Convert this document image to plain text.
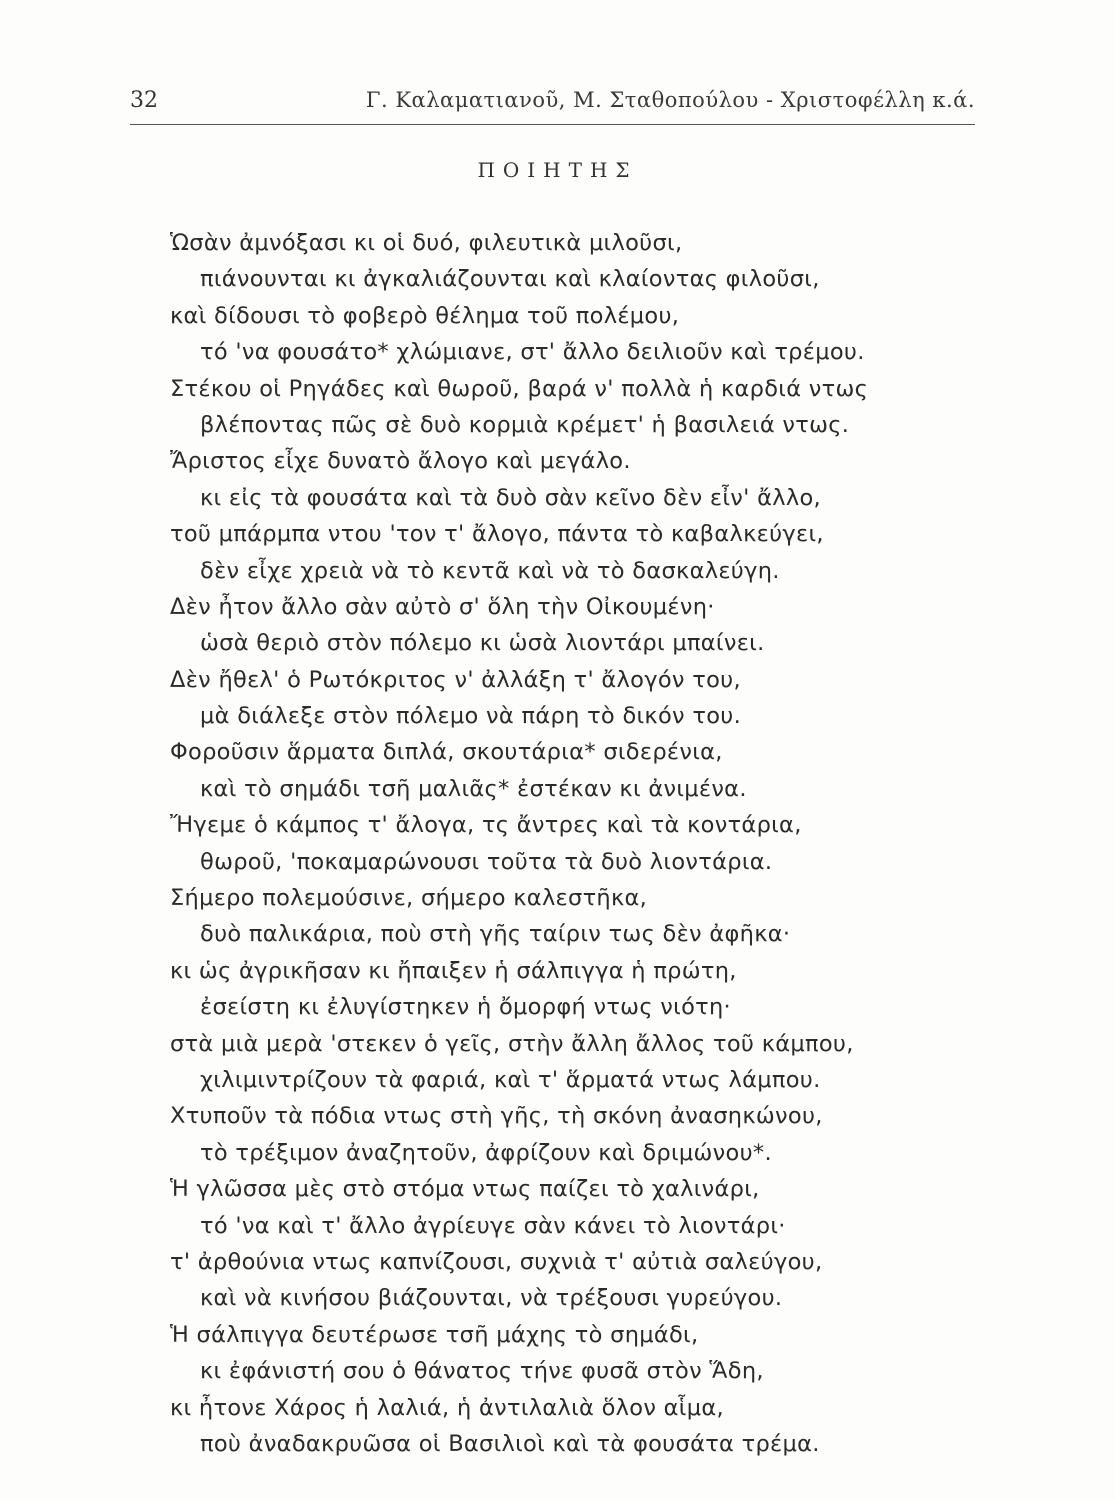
32	Γ. Καλαματιανοῦ, Μ. Σταθοπούλου - Χριστοφέλλη κ.ά.
ΠΟΙΗΤΗΣ
Ὡσὰν ἀμνόξασι κι οἱ δυό, φιλευτικὰ μιλοῦσι,
πιάνουνται κι ἀγκαλιάζουνται καὶ κλαίοντας φιλοῦσι,
καὶ δίδουσι τὸ φοβερὸ θέλημα τοῦ πολέμου,
τό 'να φουσάτο* χλώμιανε, στ' ἄλλο δειλιοῦν καὶ τρέμου.
Στέκου οἱ Ρηγάδες καὶ θωροῦ, βαρά ν' πολλὰ ἡ καρδιά ντως
βλέποντας πῶς σὲ δυὸ κορμιὰ κρέμετ' ἡ βασιλειά ντως.
Ἄριστος εἶχε δυνατὸ ἄλογο καὶ μεγάλο.
κι εἰς τὰ φουσάτα καὶ τὰ δυὸ σὰν κεῖνο δὲν εἶν' ἄλλο,
τοῦ μπάρμπα ντου 'τον τ' ἄλογο, πάντα τὸ καβαλκεύγει,
δὲν εἶχε χρειὰ νὰ τὸ κεντᾶ καὶ νὰ τὸ δασκαλεύγη.
Δὲν ἦτον ἄλλο σὰν αὐτὸ σ' ὅλη τὴν Οἰκουμένη·
ὡσὰ θεριὸ στὸν πόλεμο κι ὡσὰ λιοντάρι μπαίνει.
Δὲν ἤθελ' ὁ Ρωτόκριτος ν' ἀλλάξη τ' ἄλογόν του,
μὰ διάλεξε στὸν πόλεμο νὰ πάρη τὸ δικόν του.
Φοροῦσιν ἅρματα διπλά, σκουτάρια* σιδερένια,
καὶ τὸ σημάδι τσῆ μαλιᾶς* ἐστέκαν κι ἀνιμένα.
Ἤγεμε ὁ κάμπος τ' ἄλογα, τς ἄντρες καὶ τὰ κοντάρια,
θωροῦ, 'ποκαμαρώνουσι τοῦτα τὰ δυὸ λιοντάρια.
Σήμερο πολεμούσινε, σήμερο καλεστῆκα,
δυὸ παλικάρια, ποὺ στὴ γῆς ταίριν τως δὲν ἀφῆκα·
κι ὡς ἀγρικῆσαν κι ἤπαιξεν ἡ σάλπιγγα ἡ πρώτη,
ἐσείστη κι ἐλυγίστηκεν ἡ ὄμορφή ντως νιότη·
στὰ μιὰ μερὰ 'στεκεν ὁ γεῖς, στὴν ἄλλη ἄλλος τοῦ κάμπου,
χιλιμιντρίζουν τὰ φαριά, καὶ τ' ἅρματά ντως λάμπου.
Χτυποῦν τὰ πόδια ντως στὴ γῆς, τὴ σκόνη ἀνασηκώνου,
τὸ τρέξιμον ἀναζητοῦν, ἀφρίζουν καὶ δριμώνου*.
Ἡ γλῶσσα μὲς στὸ στόμα ντως παίζει τὸ χαλινάρι,
τό 'να καὶ τ' ἄλλο ἀγρίευγε σὰν κάνει τὸ λιοντάρι·
τ' ἀρθούνια ντως καπνίζουσι, συχνιὰ τ' αὐτιὰ σαλεύγου,
καὶ νὰ κινήσου βιάζουνται, νὰ τρέξουσι γυρεύγου.
Ἡ σάλπιγγα δευτέρωσε τσῆ μάχης τὸ σημάδι,
κι ἐφάνιστή σου ὁ θάνατος τήνε φυσᾶ στὸν Ἅδη,
κι ἦτονε Χάρος ἡ λαλιά, ἡ ἀντιλαλιὰ ὅλον αἷμα,
ποὺ ἀναδακρυῶσα οἱ Βασιλιοὶ καὶ τὰ φουσάτα τρέμα.
